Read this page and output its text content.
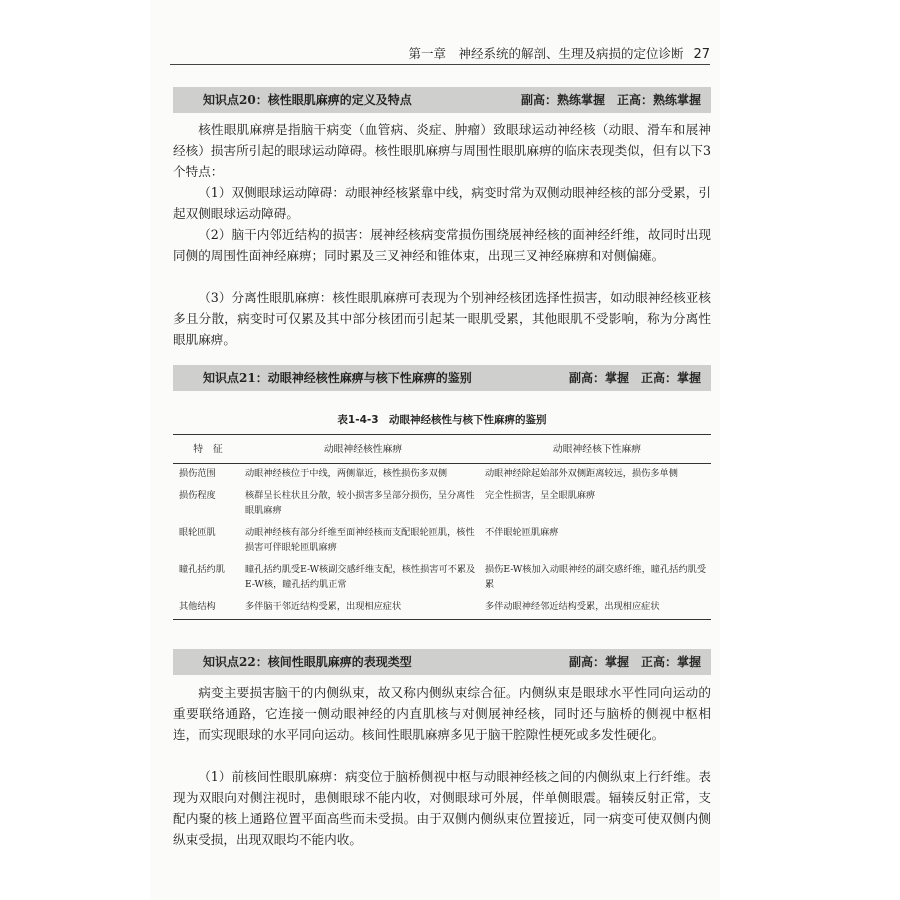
第一章　神经系统的解剖、生理及病损的定位诊断 27
知识点20：核性眼肌麻痹的定义及特点	副高：熟练掌握　正高：熟练掌握

核性眼肌麻痹是指脑干病变（血管病、炎症、肿瘤）致眼球运动神经核（动眼、滑车和展神经核）损害所引起的眼球运动障碍。核性眼肌麻痹与周围性眼肌麻痹的临床表现类似，但有以下3个特点：

（1）双侧眼球运动障碍：动眼神经核紧靠中线，病变时常为双侧动眼神经核的部分受累，引起双侧眼球运动障碍。

（2）脑干内邻近结构的损害：展神经核病变常损伤围绕展神经核的面神经纤维，故同时出现同侧的周围性面神经麻痹；同时累及三叉神经和锥体束，出现三叉神经麻痹和对侧偏瘫。

（3）分离性眼肌麻痹：核性眼肌麻痹可表现为个别神经核团选择性损害，如动眼神经核亚核多且分散，病变时可仅累及其中部分核团而引起某一眼肌受累，其他眼肌不受影响，称为分离性眼肌麻痹。

知识点21：动眼神经核性麻痹与核下性麻痹的鉴别	副高：掌握　正高：掌握
表1-4-3　动眼神经核性与核下性麻痹的鉴别
特　征	动眼神经核性麻痹	动眼神经核下性麻痹
损伤范围	动眼神经核位于中线，两侧靠近，核性损伤多双侧	动眼神经除起始部外双侧距离较远，损伤多单侧
损伤程度	核群呈长柱状且分散，较小损害多呈部分损伤，呈分离性眼肌麻痹	完全性损害，呈全眼肌麻痹
眼轮匝肌	动眼神经核有部分纤维至面神经核而支配眼轮匝肌，核性损害可伴眼轮匝肌麻痹	不伴眼轮匝肌麻痹
瞳孔括约肌	瞳孔括约肌受E-W核副交感纤维支配，核性损害可不累及E-W核，瞳孔括约肌正常	损伤E-W核加入动眼神经的副交感纤维，瞳孔括约肌受累
其他结构	多伴脑干邻近结构受累，出现相应症状	多伴动眼神经邻近结构受累，出现相应症状
知识点22：核间性眼肌麻痹的表现类型	副高：掌握　正高：掌握

病变主要损害脑干的内侧纵束，故又称内侧纵束综合征。内侧纵束是眼球水平性同向运动的重要联络通路，它连接一侧动眼神经的内直肌核与对侧展神经核，同时还与脑桥的侧视中枢相连，而实现眼球的水平同向运动。核间性眼肌麻痹多见于脑干腔隙性梗死或多发性硬化。

（1）前核间性眼肌麻痹：病变位于脑桥侧视中枢与动眼神经核之间的内侧纵束上行纤维。表现为双眼向对侧注视时，患侧眼球不能内收，对侧眼球可外展，伴单侧眼震。辐辏反射正常，支配内聚的核上通路位置平面高些而未受损。由于双侧内侧纵束位置接近，同一病变可使双侧内侧纵束受损，出现双眼均不能内收。
